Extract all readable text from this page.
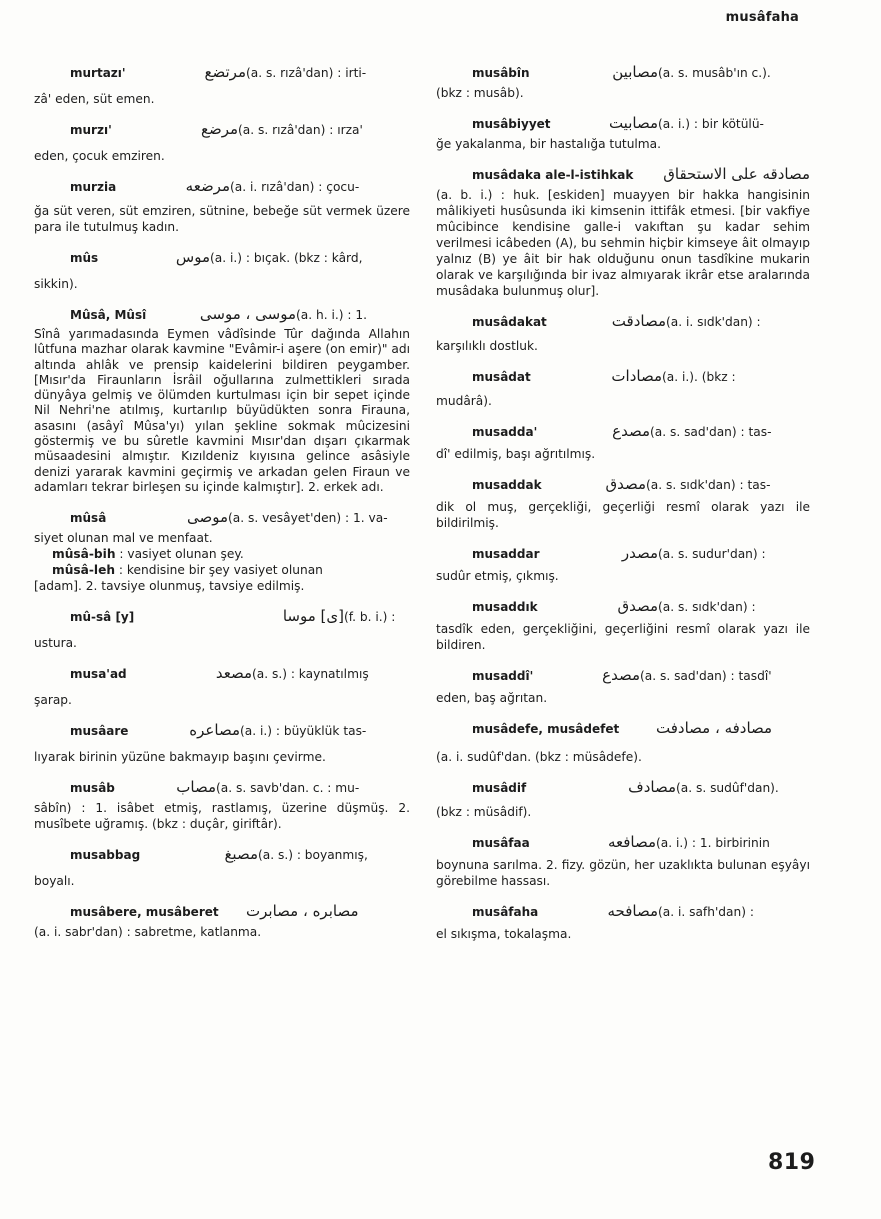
musâfaha
murtazı'	مرتضع (a. s. rızâ'dan) : irti-

zâ' eden, süt emen.

murzı'	مرضع (a. s. rızâ'dan) : ırza'

eden, çocuk emziren.

murzia	مرضعه (a. i. rızâ'dan) : çocu-

ğa süt veren, süt emziren, sütnine, bebeğe süt vermek üzere para ile tutulmuş kadın.

mûs	موس (a. i.) : bıçak. (bkz : kârd,

sikkin).

Mûsâ, Mûsî	موسى ، موسى (a. h. i.) : 1.

Sînâ yarımadasında Eymen vâdîsinde Tûr dağında Allahın lûtfuna mazhar olarak kavmine "Evâmir-i aşere (on emir)" adı altında ahlâk ve prensip kaidelerini bildiren peygamber. [Mısır'da Firaunların İsrâil oğullarına zulmettikleri sırada dünyâya gelmiş ve ölümden kurtulması için bir sepet içinde Nil Nehri'ne atılmış, kurtarılıp büyüdükten sonra Firauna, asasını (asâyî Mûsa'yı) yılan şekline sokmak mûcizesini göstermiş ve bu sûretle kavmini Mısır'dan dışarı çıkarmak müsaadesini almıştır. Kızıldeniz kıyısına gelince asâsiyle denizi yararak kavmini geçirmiş ve arkadan gelen Firaun ve adamları tekrar birleşen su içinde kalmıştır]. 2. erkek adı.

mûsâ	موصى (a. s. vesâyet'den) : 1. va-

siyet olunan mal ve menfaat.

mûsâ-bih : vasiyet olunan şey.

mûsâ-leh : kendisine bir şey vasiyet olunan

[adam]. 2. tavsiye olunmuş, tavsiye edilmiş.

mû-sâ [y]	[ى] موسا (f. b. i.) :

ustura.

musa'ad	مصعد (a. s.) : kaynatılmış

şarap.

musâare	مصاعره (a. i.) : büyüklük tas-

lıyarak birinin yüzüne bakmayıp başını çevirme.

musâb	مصاب (a. s. savb'dan. c. : mu-

sâbîn) : 1. isâbet etmiş, rastlamış, üzerine düşmüş. 2. musîbete uğramış. (bkz : duçâr, giriftâr).

musabbag	مصبغ (a. s.) : boyanmış,

boyalı.

musâbere, musâberet	مصابره ، مصابرت

(a. i. sabr'dan) : sabretme, katlanma.

musâbîn	مصابين (a. s. musâb'ın c.).

(bkz : musâb).

musâbiyyet	مصابيت (a. i.) : bir kötülü-

ğe yakalanma, bir hastalığa tutulma.

musâdaka ale-l-istihkak	مصادقه على الاستحقاق

(a. b. i.) : huk. [eskiden] muayyen bir hakka hangisinin mâlikiyeti husûsunda iki kimsenin ittifâk etmesi. [bir vakfiye mûcibince kendisine galle-i vakıftan şu kadar sehim verilmesi icâbeden (A), bu sehmin hiçbir kimseye âit olmayıp yalnız (B) ye âit bir hak olduğunu onun tasdîkine mukarin olarak ve karşılığında bir ivaz almıyarak ikrâr etse aralarında musâdaka bulunmuş olur].

musâdakat	مصادقت (a. i. sıdk'dan) :

karşılıklı dostluk.

musâdat	مصادات (a. i.). (bkz :

mudârâ).

musadda'	مصدع (a. s. sad'dan) : tas-

dî' edilmiş, başı ağrıtılmış.

musaddak	مصدق (a. s. sıdk'dan) : tas-

dik ol muş, gerçekliği, geçerliği resmî olarak yazı ile bildirilmiş.

musaddar	مصدر (a. s. sudur'dan) :

sudûr etmiş, çıkmış.

musaddık	مصدق (a. s. sıdk'dan) :

tasdîk eden, gerçekliğini, geçerliğini resmî olarak yazı ile bildiren.

musaddî'	مصدع (a. s. sad'dan) : tasdî'

eden, baş ağrıtan.

musâdefe, musâdefet	مصادفه ، مصادفت

(a. i. sudûf'dan. (bkz : müsâdefe).

musâdif	مصادف (a. s. sudûf'dan).

(bkz : müsâdif).

musâfaa	مصافعه (a. i.) : 1. birbirinin

boynuna sarılma. 2. fizy. gözün, her uzaklıkta bulunan eşyâyı görebilme hassası.

musâfaha	مصافحه (a. i. safh'dan) :

el sıkışma, tokalaşma.

819
